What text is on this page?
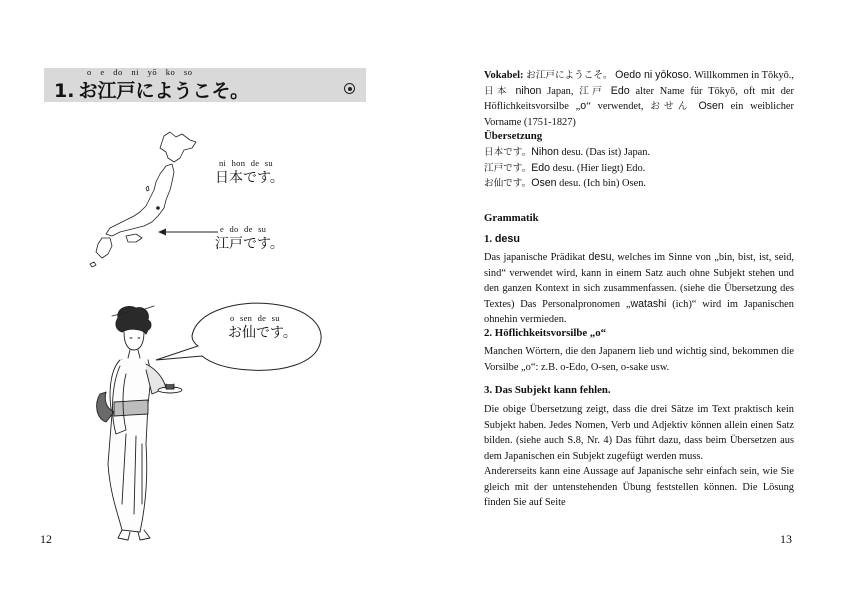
o e do ni yō ko so
1. お江戸にようこそ。
ni hon de su
日本です。
e do de su
江戸です。
o sen de su
お仙です。
12
Vokabel: お江戸にようこそ。 Oedo ni yōkoso. Willkommen in Tōkyō., 日本 nihon Japan, 江戸 Edo alter Name für Tōkyō, oft mit der Höflichkeitsvorsilbe „o“ verwendet, おせん Osen ein weiblicher Vorname (1751-1827)
Übersetzung
日本です。Nihon desu. (Das ist) Japan.
江戸です。Edo desu. (Hier liegt) Edo.
お仙です。Osen desu. (Ich bin) Osen.
Grammatik
1. desu
Das japanische Prädikat desu, welches im Sinne von „bin, bist, ist, seid, sind“ verwendet wird, kann in einem Satz auch ohne Subjekt stehen und den ganzen Kontext in sich zusammenfassen. (siehe die Übersetzung des Textes) Das Personalpronomen „watashi (ich)“ wird im Japanischen ohnehin vermieden.
2. Höflichkeitsvorsilbe „o“
Manchen Wörtern, die den Japanern lieb und wichtig sind, bekommen die Vorsilbe „o“: z.B. o-Edo, O-sen, o-sake usw.
3. Das Subjekt kann fehlen.
Die obige Übersetzung zeigt, dass die drei Sätze im Text praktisch kein Subjekt haben. Jedes Nomen, Verb und Adjektiv können allein einen Satz bilden. (siehe auch S.8, Nr. 4) Das führt dazu, dass beim Übersetzen aus dem Japanischen ein Subjekt zugefügt werden muss.
Andererseits kann eine Aussage auf Japanische sehr einfach sein, wie Sie gleich mit der untenstehenden Übung feststellen können. Die Lösung finden Sie auf Seite
13
